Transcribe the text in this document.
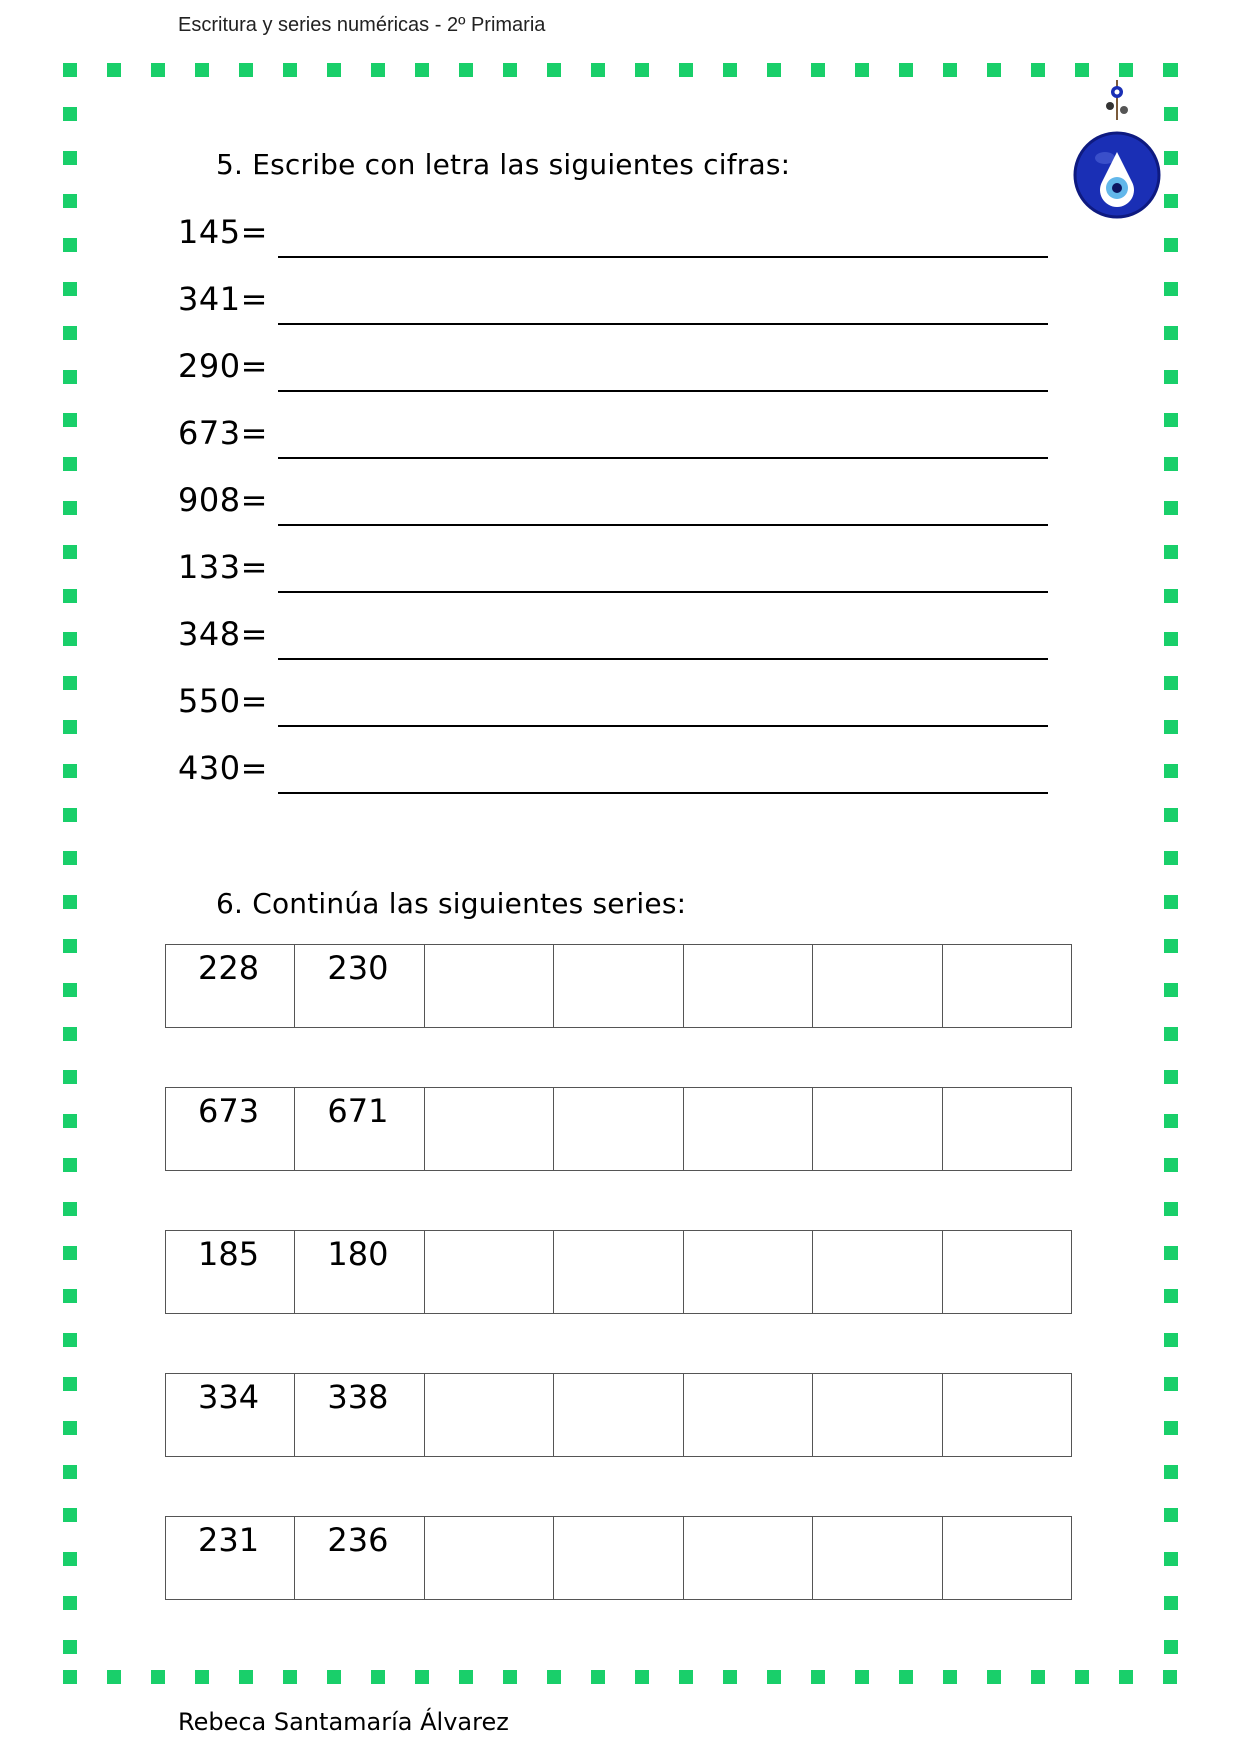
Escritura y series numéricas - 2º Primaria
5. Escribe con letra las siguientes cifras:
145=
341=
290=
673=
908=
133=
348=
550=
430=
6. Continúa las siguientes series:
228 230
673 671
185 180
334 338
231 236
Rebeca Santamaría Álvarez
